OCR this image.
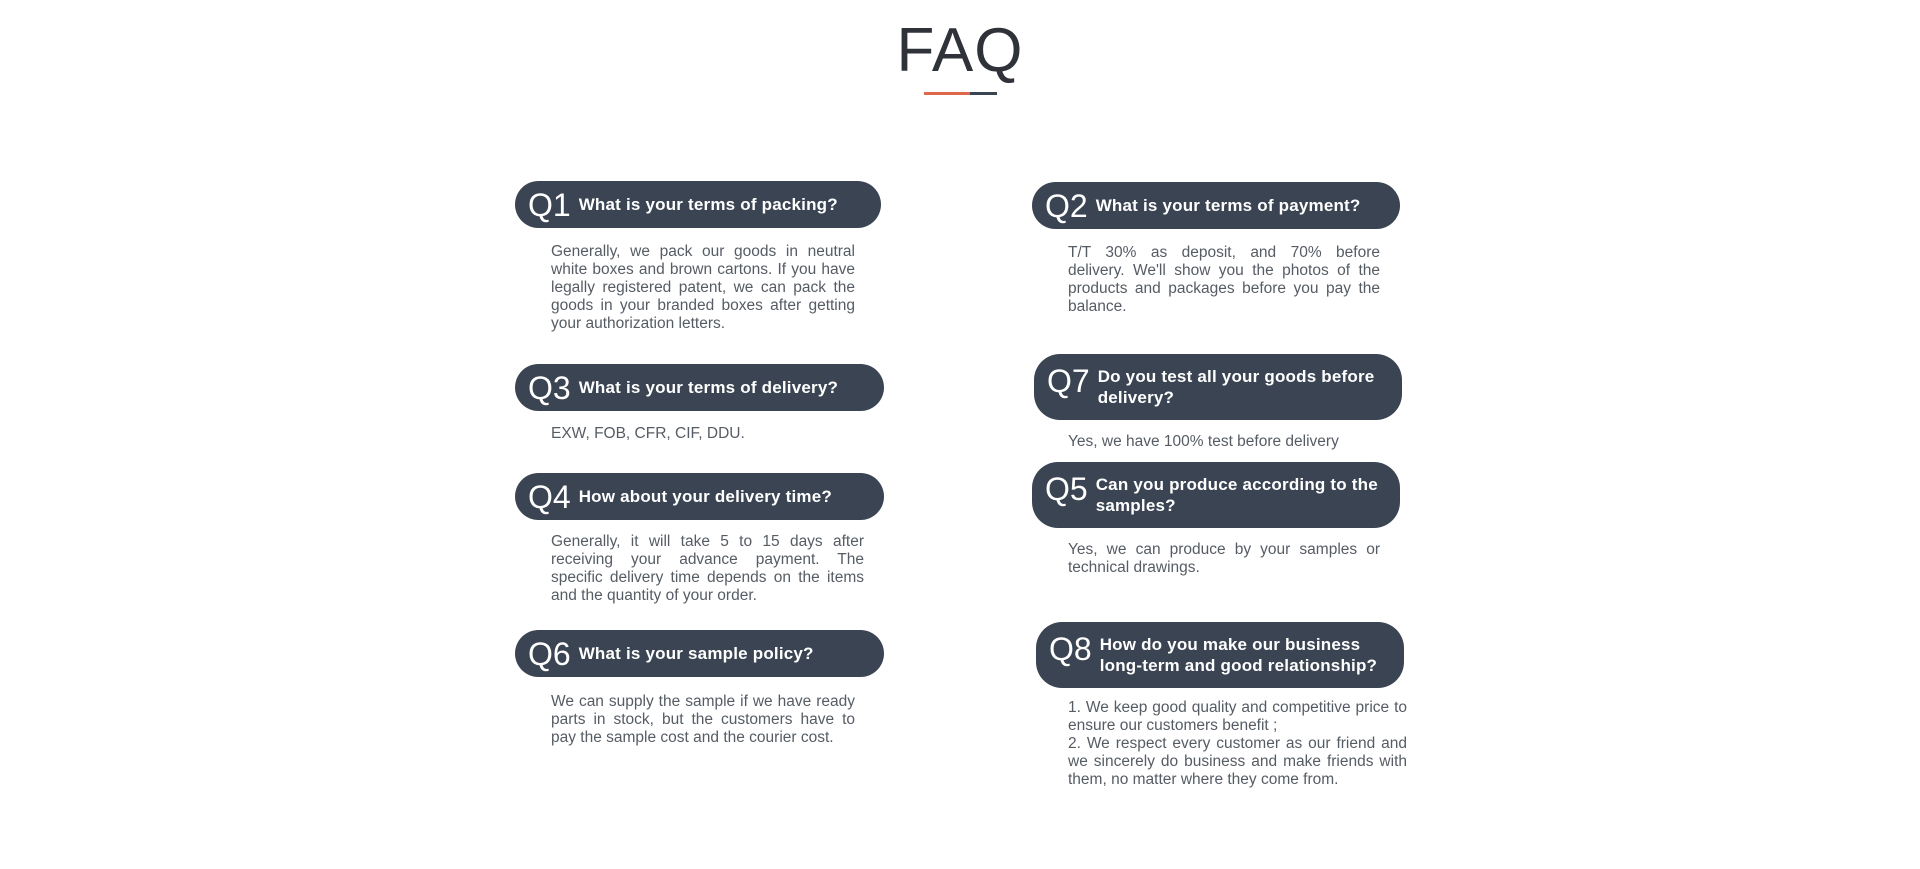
FAQ
Q1 What is your terms of packing?
Generally, we pack our goods in neutral white boxes and brown cartons. If you have legally registered patent, we can pack the goods in your branded boxes after getting your authorization letters.
Q3 What is your terms of delivery?
EXW, FOB, CFR, CIF, DDU.
Q4 How about your delivery time?
Generally, it will take 5 to 15 days after receiving your advance payment. The specific delivery time depends on the items and the quantity of your order.
Q6 What is your sample policy?
We can supply the sample if we have ready parts in stock, but the customers have to pay the sample cost and the courier cost.
Q2 What is your terms of payment?
T/T 30% as deposit, and 70% before delivery. We'll show you the photos of the products and packages before you pay the balance.
Q7 Do you test all your goods before delivery?
Yes, we have 100% test before delivery
Q5 Can you produce according to the samples?
Yes, we can produce by your samples or technical drawings.
Q8 How do you make our business long-term and good relationship?
1. We keep good quality and competitive price to ensure our customers benefit ;
2. We respect every customer as our friend and we sincerely do business and make friends with them, no matter where they come from.
